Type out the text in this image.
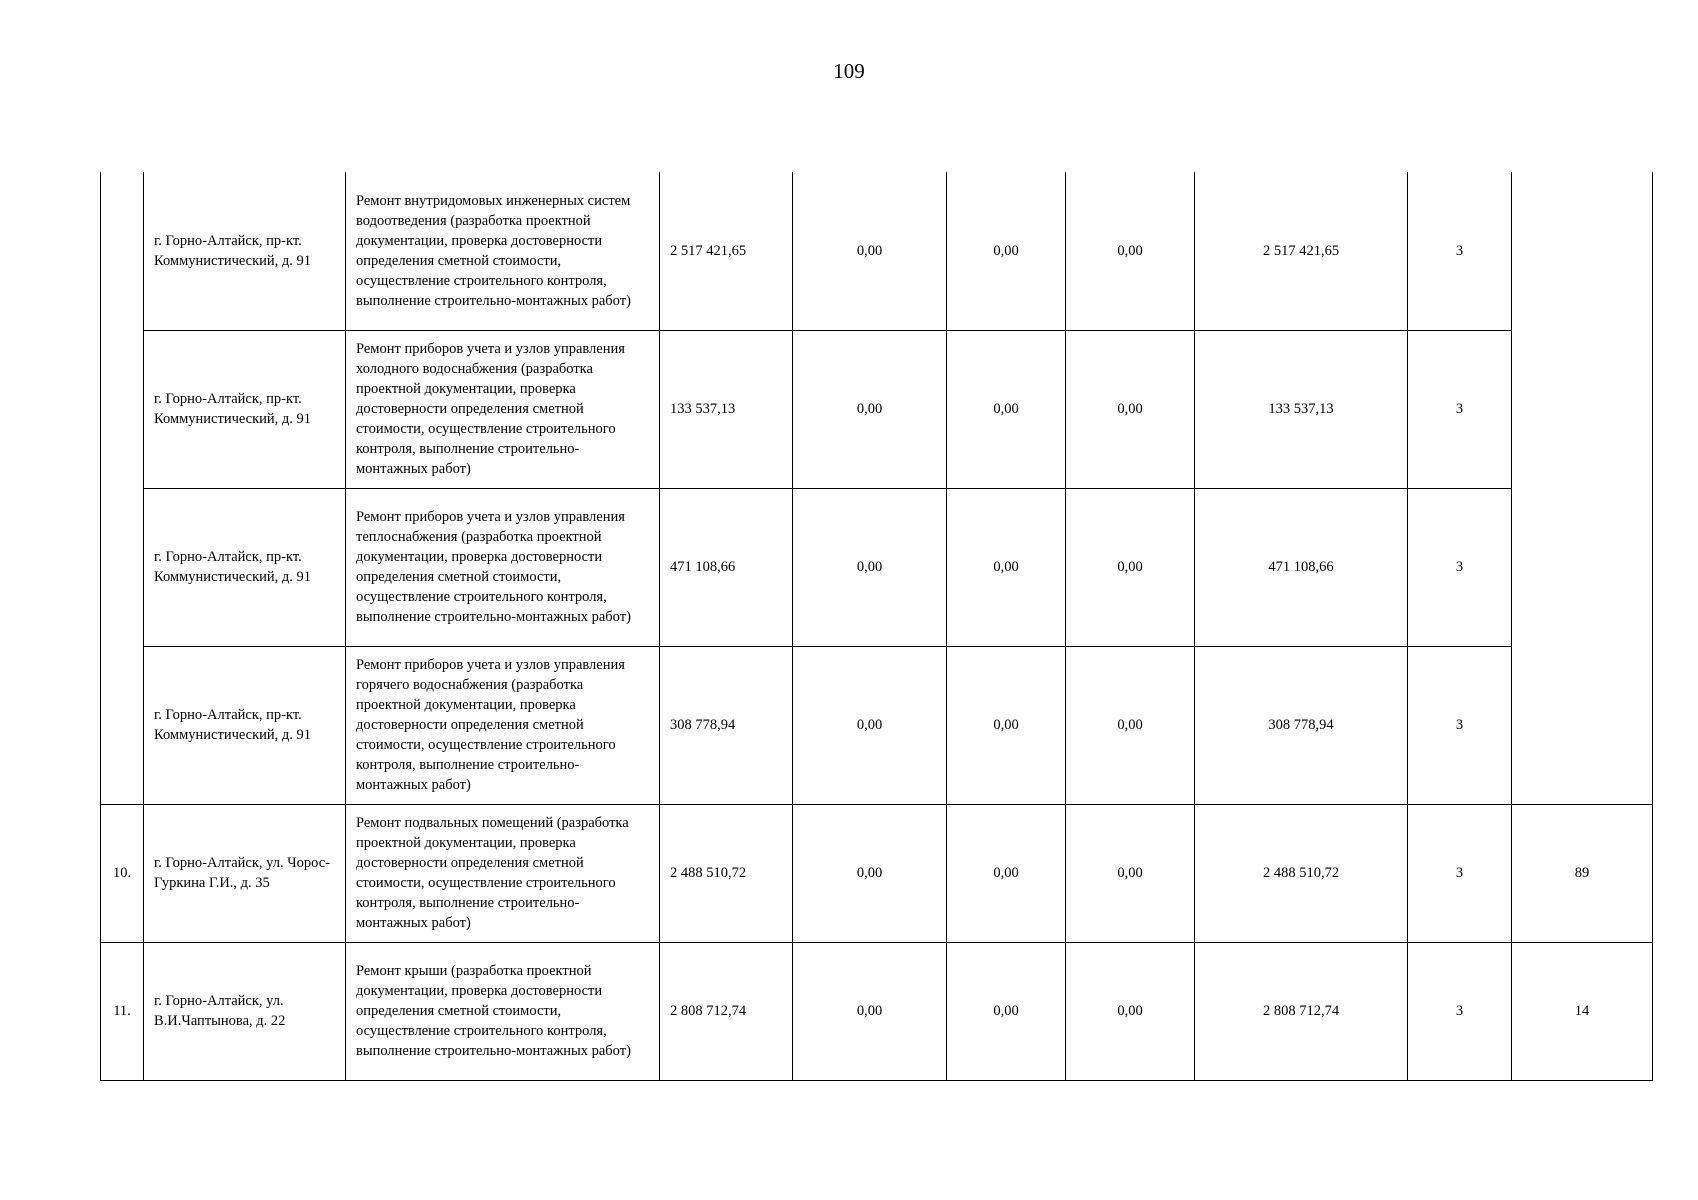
109
	г. Горно-Алтайск, пр-кт. Коммунистический, д. 91	Ремонт внутридомовых инженерных систем водоотведения (разработка проектной документации, проверка достоверности определения сметной стоимости, осуществление строительного контроля, выполнение строительно-монтажных работ)	2 517 421,65	0,00	0,00	0,00	2 517 421,65	3	
	г. Горно-Алтайск, пр-кт. Коммунистический, д. 91	Ремонт приборов учета и узлов управления холодного водоснабжения (разработка проектной документации, проверка достоверности определения сметной стоимости, осуществление строительного контроля, выполнение строительно-монтажных работ)	133 537,13	0,00	0,00	0,00	133 537,13	3	
	г. Горно-Алтайск, пр-кт. Коммунистический, д. 91	Ремонт приборов учета и узлов управления теплоснабжения (разработка проектной документации, проверка достоверности определения сметной стоимости, осуществление строительного контроля, выполнение строительно-монтажных работ)	471 108,66	0,00	0,00	0,00	471 108,66	3	
	г. Горно-Алтайск, пр-кт. Коммунистический, д. 91	Ремонт приборов учета и узлов управления горячего водоснабжения (разработка проектной документации, проверка достоверности определения сметной стоимости, осуществление строительного контроля, выполнение строительно-монтажных работ)	308 778,94	0,00	0,00	0,00	308 778,94	3	
10.	г. Горно-Алтайск, ул. Чорос-Гуркина Г.И., д. 35	Ремонт подвальных помещений (разработка проектной документации, проверка достоверности определения сметной стоимости, осуществление строительного контроля, выполнение строительно-монтажных работ)	2 488 510,72	0,00	0,00	0,00	2 488 510,72	3	89
11.	г. Горно-Алтайск, ул. В.И.Чаптынова, д. 22	Ремонт крыши (разработка проектной документации, проверка достоверности определения сметной стоимости, осуществление строительного контроля, выполнение строительно-монтажных работ)	2 808 712,74	0,00	0,00	0,00	2 808 712,74	3	14
